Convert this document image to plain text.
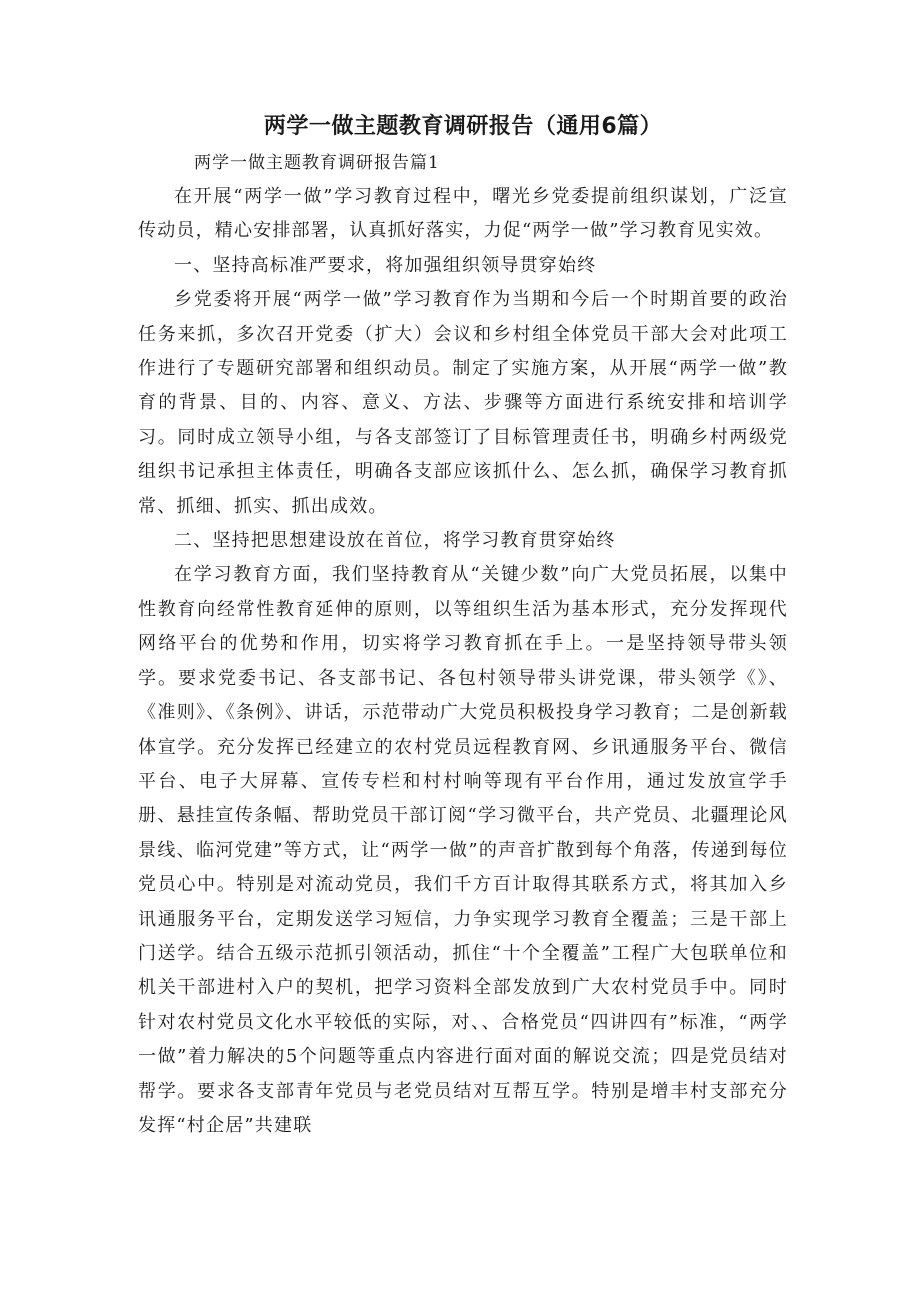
两学一做主题教育调研报告（通用6篇）

两学一做主题教育调研报告篇1

在开展“两学一做”学习教育过程中，曙光乡党委提前组织谋划，广泛宣传动员，精心安排部署，认真抓好落实，力促“两学一做”学习教育见实效。

一、坚持高标准严要求，将加强组织领导贯穿始终

乡党委将开展“两学一做”学习教育作为当期和今后一个时期首要的政治任务来抓，多次召开党委（扩大）会议和乡村组全体党员干部大会对此项工作进行了专题研究部署和组织动员。制定了实施方案，从开展“两学一做”教育的背景、目的、内容、意义、方法、步骤等方面进行系统安排和培训学习。同时成立领导小组，与各支部签订了目标管理责任书，明确乡村两级党组织书记承担主体责任，明确各支部应该抓什么、怎么抓，确保学习教育抓常、抓细、抓实、抓出成效。

二、坚持把思想建设放在首位，将学习教育贯穿始终

在学习教育方面，我们坚持教育从“关键少数”向广大党员拓展，以集中性教育向经常性教育延伸的原则，以等组织生活为基本形式，充分发挥现代网络平台的优势和作用，切实将学习教育抓在手上。一是坚持领导带头领学。要求党委书记、各支部书记、各包村领导带头讲党课，带头领学《》、《准则》、《条例》、讲话，示范带动广大党员积极投身学习教育；二是创新载体宣学。充分发挥已经建立的农村党员远程教育网、乡讯通服务平台、微信平台、电子大屏幕、宣传专栏和村村响等现有平台作用，通过发放宣学手册、悬挂宣传条幅、帮助党员干部订阅“学习微平台，共产党员、北疆理论风景线、临河党建”等方式，让“两学一做”的声音扩散到每个角落，传递到每位党员心中。特别是对流动党员，我们千方百计取得其联系方式，将其加入乡讯通服务平台，定期发送学习短信，力争实现学习教育全覆盖；三是干部上门送学。结合五级示范抓引领活动，抓住“十个全覆盖”工程广大包联单位和机关干部进村入户的契机，把学习资料全部发放到广大农村党员手中。同时针对农村党员文化水平较低的实际，对、、合格党员“四讲四有”标准，“两学一做”着力解决的5个问题等重点内容进行面对面的解说交流；四是党员结对帮学。要求各支部青年党员与老党员结对互帮互学。特别是增丰村支部充分发挥“村企居”共建联
